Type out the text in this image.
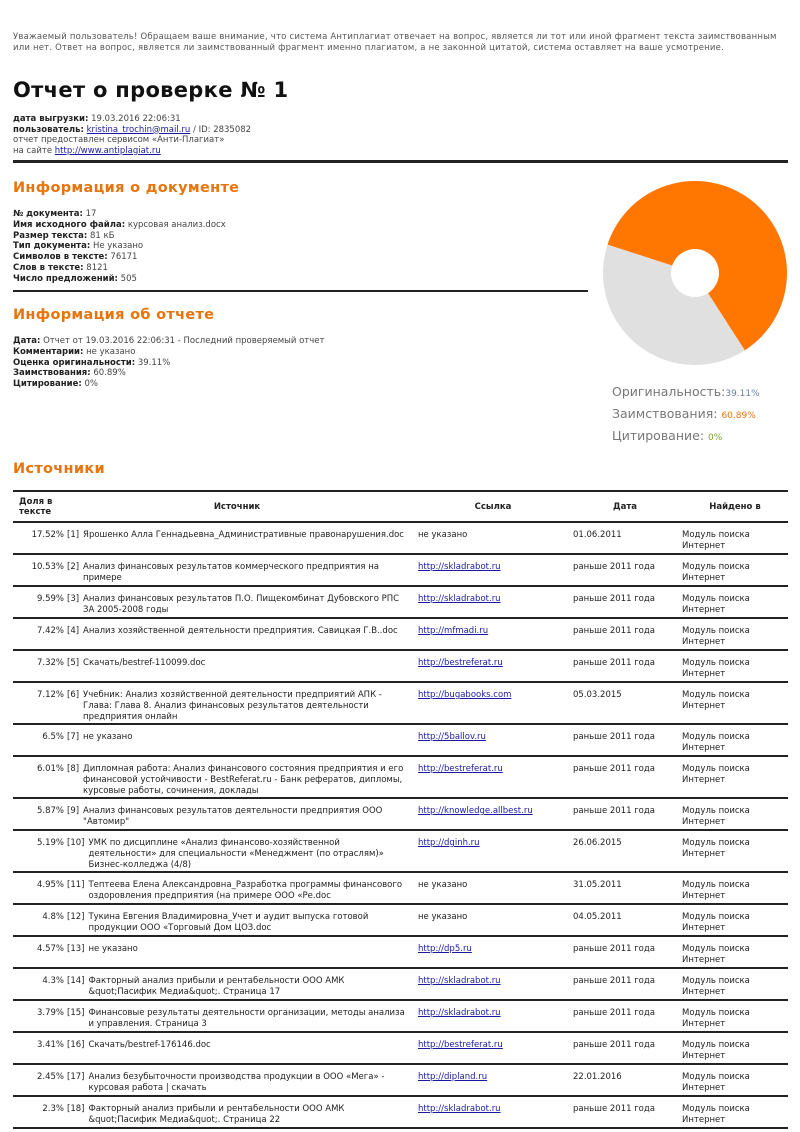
Уважаемый пользователь! Обращаем ваше внимание, что система Антиплагиат отвечает на вопрос, является ли тот или иной фрагмент текста заимствованным или нет. Ответ на вопрос, является ли заимствованный фрагмент именно плагиатом, а не законной цитатой, система оставляет на ваше усмотрение.
Отчет о проверке № 1
дата выгрузки: 19.03.2016 22:06:31
пользователь: kristina_trochin@mail.ru / ID: 2835082
отчет предоставлен сервисом «Анти-Плагиат»
на сайте http://www.antiplagiat.ru
Информация о документе
№ документа: 17
Имя исходного файла: курсовая анализ.docx
Размер текста: 81 кБ
Тип документа: Не указано
Символов в тексте: 76171
Слов в тексте: 8121
Число предложений: 505
Информация об отчете
Дата: Отчет от 19.03.2016 22:06:31 - Последний проверяемый отчет
Комментарии: не указано
Оценка оригинальности: 39.11%
Заимствования: 60.89%
Цитирование: 0%	Оригинальность:39.11%
Заимствования: 60.89%
Цитирование: 0%
Источники
Доля в тексте	Источник	Ссылка	Дата	Найдено в
17.52%	[1] Ярошенко Алла Геннадьевна_Административные правонарушения.doc	не указано	01.06.2011	Модуль поиска Интернет
10.53%	[2] Анализ финансовых результатов коммерческого предприятия на примере	http://skladrabot.ru	раньше 2011 года	Модуль поиска Интернет
9.59%	[3] Анализ финансовых результатов П.О. Пищекомбинат Дубовского РПС ЗА 2005-2008 годы	http://skladrabot.ru	раньше 2011 года	Модуль поиска Интернет
7.42%	[4] Анализ хозяйственной деятельности предприятия. Савицкая Г.В..doc	http://mfmadi.ru	раньше 2011 года	Модуль поиска Интернет
7.32%	[5] Скачать/bestref-110099.doc	http://bestreferat.ru	раньше 2011 года	Модуль поиска Интернет
7.12%	[6] Учебник: Анализ хозяйственной деятельности предприятий АПК - Глава: Глава 8. Анализ финансовых результатов деятельности предприятия онлайн	http://bugabooks.com	05.03.2015	Модуль поиска Интернет
6.5%	[7] не указано	http://5ballov.ru	раньше 2011 года	Модуль поиска Интернет
6.01%	[8] Дипломная работа: Анализ финансового состояния предприятия и его финансовой устойчивости - BestReferat.ru - Банк рефератов, дипломы, курсовые работы, сочинения, доклады	http://bestreferat.ru	раньше 2011 года	Модуль поиска Интернет
5.87%	[9] Анализ финансовых результатов деятельности предприятия ООО "Автомир"	http://knowledge.allbest.ru	раньше 2011 года	Модуль поиска Интернет
5.19%	[10] УМК по дисциплине «Анализ финансово-хозяйственной деятельности» для специальности «Менеджмент (по отраслям)» Бизнес-колледжа (4/8)	http://dginh.ru	26.06.2015	Модуль поиска Интернет
4.95%	[11] Тептеева Елена Александровна_Разработка программы финансового оздоровления предприятия (на примере ООО «Ре.doc	не указано	31.05.2011	Модуль поиска Интернет
4.8%	[12] Тукина Евгения Владимировна_Учет и аудит выпуска готовой продукции ООО «Торговый Дом ЦОЗ.doc	не указано	04.05.2011	Модуль поиска Интернет
4.57%	[13] не указано	http://dp5.ru	раньше 2011 года	Модуль поиска Интернет
4.3%	[14] Факторный анализ прибыли и рентабельности ООО АМК &quot;Пасифик Медиа&quot;. Страница 17	http://skladrabot.ru	раньше 2011 года	Модуль поиска Интернет
3.79%	[15] Финансовые результаты деятельности организации, методы анализа и управления. Страница 3	http://skladrabot.ru	раньше 2011 года	Модуль поиска Интернет
3.41%	[16] Скачать/bestref-176146.doc	http://bestreferat.ru	раньше 2011 года	Модуль поиска Интернет
2.45%	[17] Анализ безубыточности производства продукции в ООО «Мега» - курсовая работа | скачать	http://dipland.ru	22.01.2016	Модуль поиска Интернет
2.3%	[18] Факторный анализ прибыли и рентабельности ООО АМК &quot;Пасифик Медиа&quot;. Страница 22	http://skladrabot.ru	раньше 2011 года	Модуль поиска Интернет
